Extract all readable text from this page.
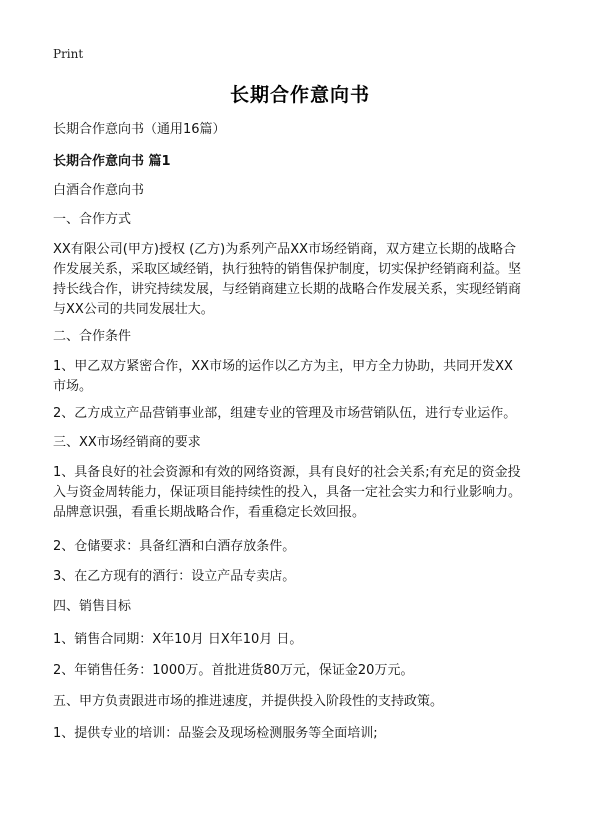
Print
长期合作意向书
长期合作意向书（通用16篇）
长期合作意向书 篇1
白酒合作意向书
一、合作方式
XX有限公司(甲方)授权 (乙方)为系列产品XX市场经销商，双方建立长期的战略合
作发展关系，采取区域经销，执行独特的销售保护制度，切实保护经销商利益。坚
持长线合作，讲究持续发展，与经销商建立长期的战略合作发展关系，实现经销商
与XX公司的共同发展壮大。
二、合作条件
1、甲乙双方紧密合作，XX市场的运作以乙方为主，甲方全力协助，共同开发XX
市场。
2、乙方成立产品营销事业部，组建专业的管理及市场营销队伍，进行专业运作。
三、XX市场经销商的要求
1、具备良好的社会资源和有效的网络资源，具有良好的社会关系;有充足的资金投
入与资金周转能力，保证项目能持续性的投入，具备一定社会实力和行业影响力。
品牌意识强，看重长期战略合作，看重稳定长效回报。
2、仓储要求：具备红酒和白酒存放条件。
3、在乙方现有的酒行：设立产品专卖店。
四、销售目标
1、销售合同期：X年10月 日X年10月 日。
2、年销售任务：1000万。首批进货80万元，保证金20万元。
五、甲方负责跟进市场的推进速度，并提供投入阶段性的支持政策。
1、提供专业的培训：品鉴会及现场检测服务等全面培训;
